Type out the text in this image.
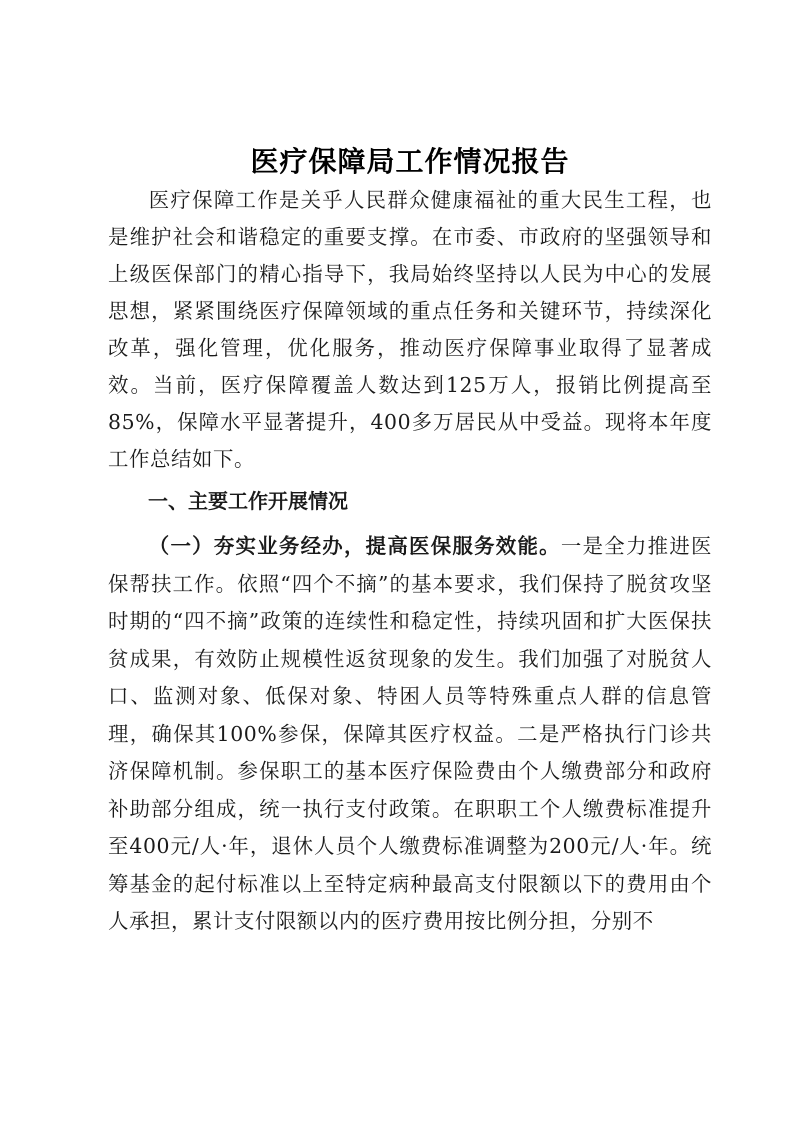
医疗保障局工作情况报告

医疗保障工作是关乎人民群众健康福祉的重大民生工程，也是维护社会和谐稳定的重要支撑。在市委、市政府的坚强领导和上级医保部门的精心指导下，我局始终坚持以人民为中心的发展思想，紧紧围绕医疗保障领域的重点任务和关键环节，持续深化改革，强化管理，优化服务，推动医疗保障事业取得了显著成效。当前，医疗保障覆盖人数达到125万人，报销比例提高至85%，保障水平显著提升，400多万居民从中受益。现将本年度工作总结如下。

一、主要工作开展情况

（一）夯实业务经办，提高医保服务效能。一是全力推进医保帮扶工作。依照“四个不摘”的基本要求，我们保持了脱贫攻坚时期的“四不摘”政策的连续性和稳定性，持续巩固和扩大医保扶贫成果，有效防止规模性返贫现象的发生。我们加强了对脱贫人口、监测对象、低保对象、特困人员等特殊重点人群的信息管理，确保其100%参保，保障其医疗权益。二是严格执行门诊共济保障机制。参保职工的基本医疗保险费由个人缴费部分和政府补助部分组成，统一执行支付政策。在职职工个人缴费标准提升至400元/人·年，退休人员个人缴费标准调整为200元/人·年。统筹基金的起付标准以上至特定病种最高支付限额以下的费用由个人承担，累计支付限额以内的医疗费用按比例分担，分别不
